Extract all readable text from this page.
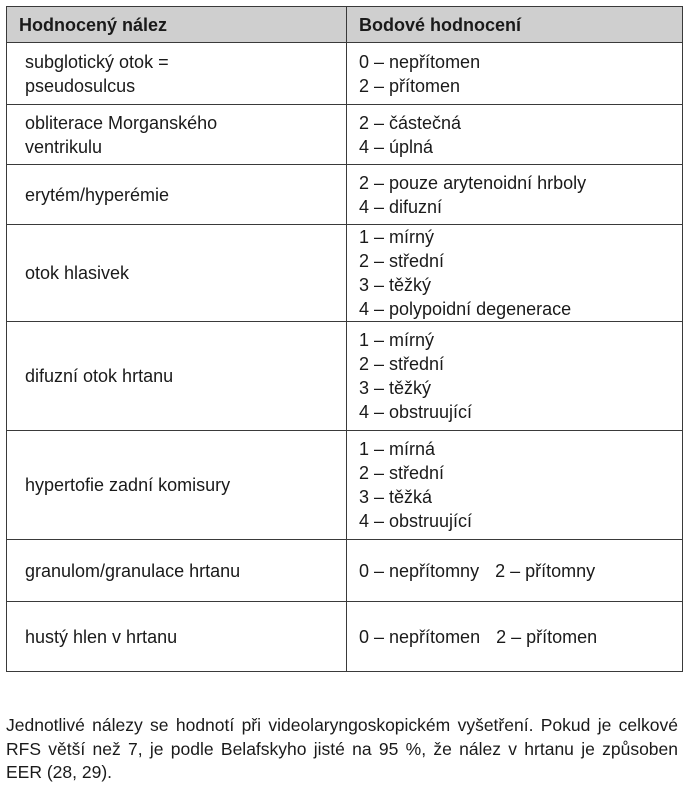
Hodnocený nález	Bodové hodnocení
subglotický otok =
pseudosulcus	0 – nepřítomen
2 – přítomen

obliterace Morganského
ventrikulu	2 – částečná
4 – úplná

erytém/hyperémie	2 – pouze arytenoidní hrboly
4 – difuzní

otok hlasivek	1 – mírný
2 – střední
3 – těžký
4 – polypoidní degenerace

difuzní otok hrtanu	1 – mírný
2 – střední
3 – těžký
4 – obstruující

hypertofie zadní komisury	1 – mírná
2 – střední
3 – těžká
4 – obstruující

granulom/granulace hrtanu	0 – nepřítomny 2 – přítomny

hustý hlen v hrtanu	0 – nepřítomen 2 – přítomen

Jednotlivé nálezy se hodnotí při videolaryngoskopickém vyšetření. Pokud je celkové RFS větší než 7, je podle Belafskyho jisté na 95 %, že nález v hrtanu je způsoben EER (28, 29).
